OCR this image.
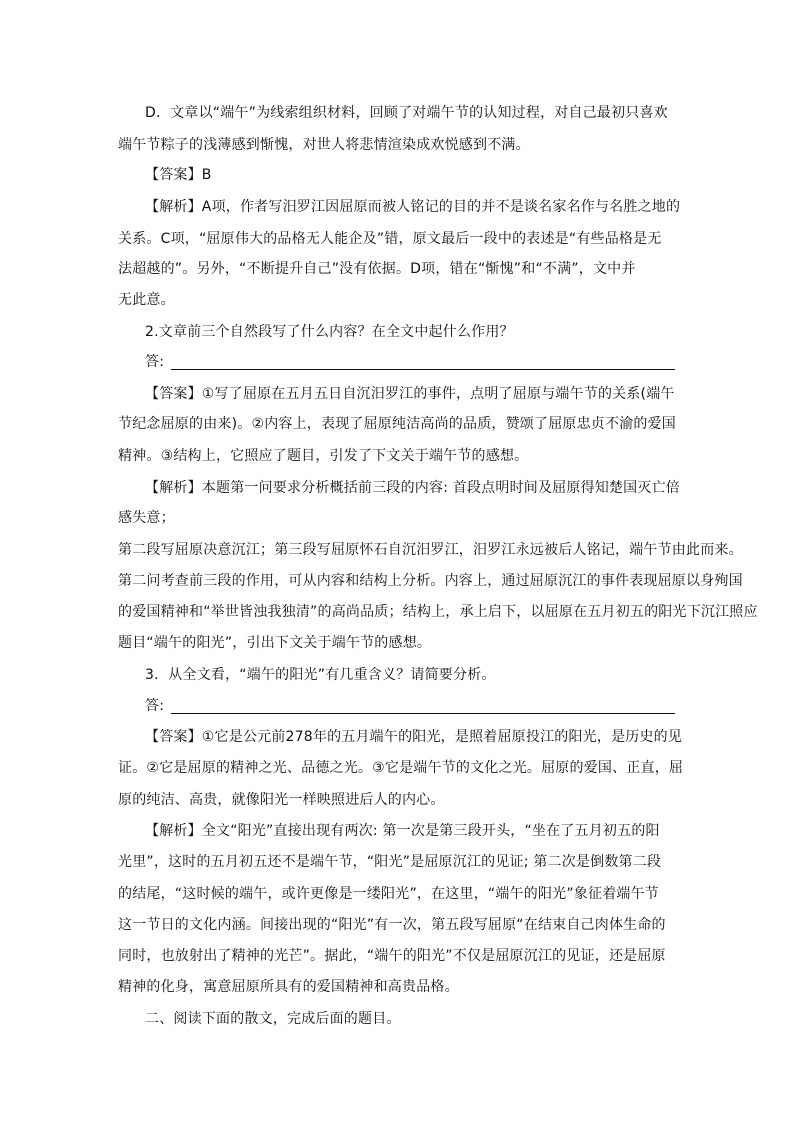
D．文章以“端午”为线索组织材料，回顾了对端午节的认知过程，对自己最初只喜欢
端午节粽子的浅薄感到惭愧，对世人将悲情渲染成欢悦感到不满。
【答案】B
【解析】A项，作者写汨罗江因屈原而被人铭记的目的并不是谈名家名作与名胜之地的
关系。C项，“屈原伟大的品格无人能企及”错，原文最后一段中的表述是“有些品格是无
法超越的”。另外，“不断提升自己”没有依据。D项，错在“惭愧”和“不满”，文中并
无此意。
2.文章前三个自然段写了什么内容？在全文中起什么作用？
答:
【答案】①写了屈原在五月五日自沉汨罗江的事件，点明了屈原与端午节的关系(端午
节纪念屈原的由来)。②内容上，表现了屈原纯洁高尚的品质，赞颂了屈原忠贞不渝的爱国
精神。③结构上，它照应了题目，引发了下文关于端午节的感想。
【解析】本题第一问要求分析概括前三段的内容: 首段点明时间及屈原得知楚国灭亡倍
感失意；
第二段写屈原决意沉江；第三段写屈原怀石自沉汨罗江，汨罗江永远被后人铭记，端午节由此而来。
第二问考查前三段的作用，可从内容和结构上分析。内容上，通过屈原沉江的事件表现屈原以身殉国
的爱国精神和“举世皆浊我独清”的高尚品质；结构上，承上启下，以屈原在五月初五的阳光下沉江照应
题目“端午的阳光”，引出下文关于端午节的感想。
3．从全文看，“端午的阳光”有几重含义？请简要分析。
答:
【答案】①它是公元前278年的五月端午的阳光，是照着屈原投江的阳光，是历史的见
证。②它是屈原的精神之光、品德之光。③它是端午节的文化之光。屈原的爱国、正直，屈
原的纯洁、高贵，就像阳光一样映照进后人的内心。
【解析】全文“阳光”直接出现有两次: 第一次是第三段开头，“坐在了五月初五的阳
光里”，这时的五月初五还不是端午节，“阳光”是屈原沉江的见证; 第二次是倒数第二段
的结尾，“这时候的端午，或许更像是一缕阳光”，在这里，“端午的阳光”象征着端午节
这一节日的文化内涵。间接出现的“阳光”有一次，第五段写屈原“在结束自己肉体生命的
同时，也放射出了精神的光芒”。据此，“端午的阳光”不仅是屈原沉江的见证，还是屈原
精神的化身，寓意屈原所具有的爱国精神和高贵品格。
二、阅读下面的散文，完成后面的题目。
